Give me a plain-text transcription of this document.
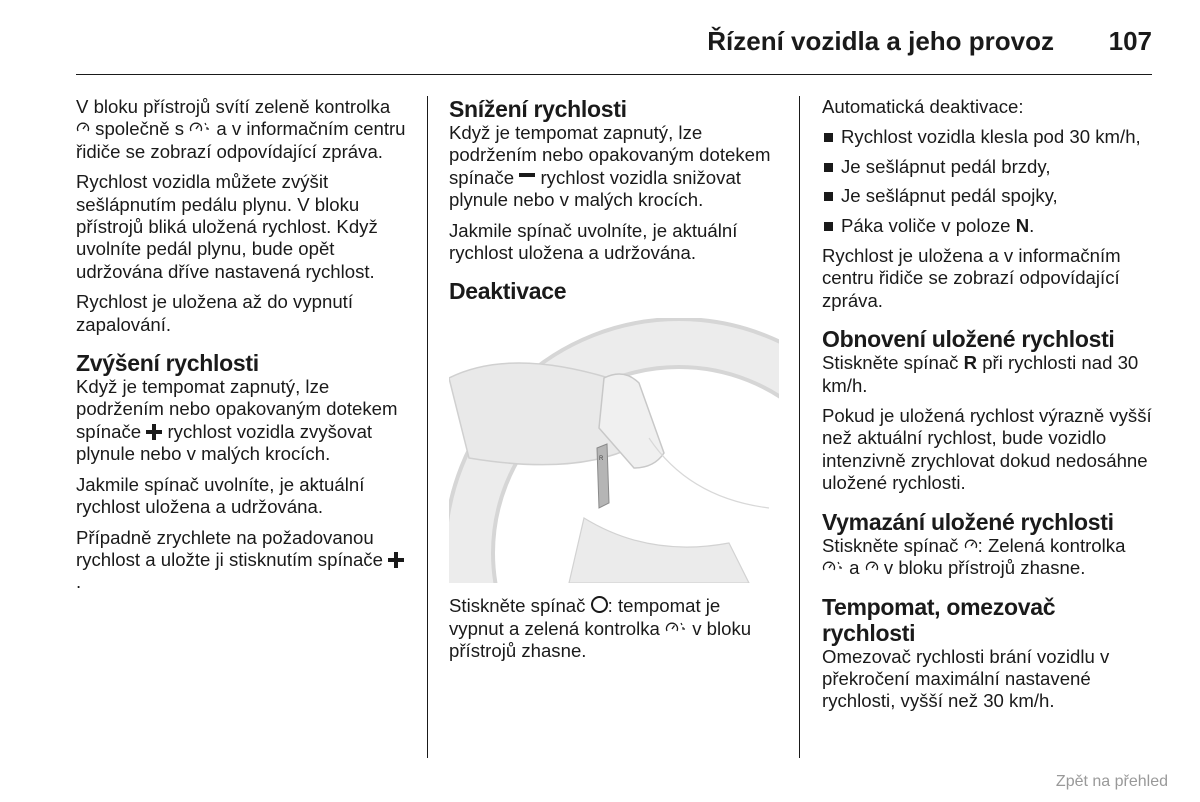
Řízení vozidla a jeho provoz 107

V bloku přístrojů svítí zeleně kontrolka  společně s a v informačním centru řidiče se zobrazí odpovídající zpráva.

Rychlost vozidla můžete zvýšit sešlápnutím pedálu plynu. V bloku přístrojů bliká uložená rychlost. Když uvolníte pedál plynu, bude opět udržována dříve nastavená rychlost.

Rychlost je uložena až do vypnutí zapalování.

Zvýšení rychlosti

Když je tempomat zapnutý, lze podržením nebo opakovaným dotekem spínače rychlost vozidla zvyšovat plynule nebo v malých krocích.

Jakmile spínač uvolníte, je aktuální rychlost uložena a udržována.

Případně zrychlete na požadovanou rychlost a uložte ji stisknutím spínače .

Snížení rychlosti

Když je tempomat zapnutý, lze podržením nebo opakovaným dotekem spínače rychlost vozidla snižovat plynule nebo v malých krocích.

Jakmile spínač uvolníte, je aktuální rychlost uložena a udržována.

Deaktivace
R

Stiskněte spínač : tempomat je vypnut a zelená kontrolka v bloku přístrojů zhasne.

Automatická deaktivace:

Rychlost vozidla klesla pod 30 km/h,
Je sešlápnut pedál brzdy,
Je sešlápnut pedál spojky,
Páka voliče v poloze N.

Rychlost je uložena a v informačním centru řidiče se zobrazí odpovídající zpráva.

Obnovení uložené rychlosti

Stiskněte spínač R při rychlosti nad 30 km/h.

Pokud je uložená rychlost výrazně vyšší než aktuální rychlost, bude vozidlo intenzivně zrychlovat dokud nedosáhne uložené rychlosti.

Vymazání uložené rychlosti

Stiskněte spínač : Zelená kontrolka  a v bloku přístrojů zhasne.

Tempomat, omezovač rychlosti

Omezovač rychlosti brání vozidlu v překročení maximální nastavené rychlosti, vyšší než 30 km/h.

Zpět na přehled
